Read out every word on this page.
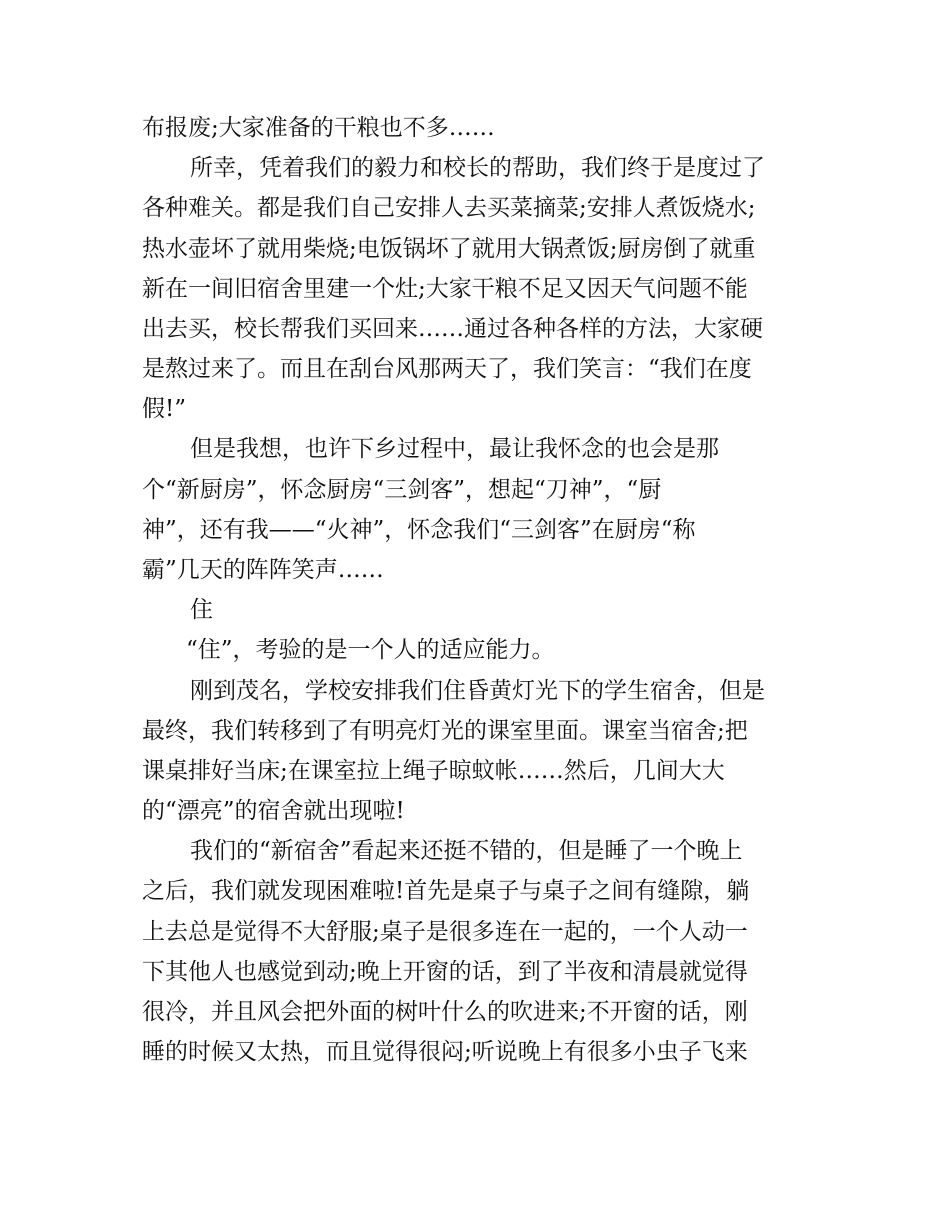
布报废;大家准备的干粮也不多……
所幸，凭着我们的毅力和校长的帮助，我们终于是度过了
各种难关。都是我们自己安排人去买菜摘菜;安排人煮饭烧水;
热水壶坏了就用柴烧;电饭锅坏了就用大锅煮饭;厨房倒了就重
新在一间旧宿舍里建一个灶;大家干粮不足又因天气问题不能
出去买，校长帮我们买回来……通过各种各样的方法，大家硬
是熬过来了。而且在刮台风那两天了，我们笑言：“我们在度
假!”
但是我想，也许下乡过程中，最让我怀念的也会是那
个“新厨房”，怀念厨房“三剑客”，想起“刀神”，“厨
神”，还有我——“火神”，怀念我们“三剑客”在厨房“称
霸”几天的阵阵笑声……
住
“住”，考验的是一个人的适应能力。
刚到茂名，学校安排我们住昏黄灯光下的学生宿舍，但是
最终，我们转移到了有明亮灯光的课室里面。课室当宿舍;把
课桌排好当床;在课室拉上绳子晾蚊帐……然后，几间大大
的“漂亮”的宿舍就出现啦!
我们的“新宿舍”看起来还挺不错的，但是睡了一个晚上
之后，我们就发现困难啦!首先是桌子与桌子之间有缝隙，躺
上去总是觉得不大舒服;桌子是很多连在一起的，一个人动一
下其他人也感觉到动;晚上开窗的话，到了半夜和清晨就觉得
很冷，并且风会把外面的树叶什么的吹进来;不开窗的话，刚
睡的时候又太热，而且觉得很闷;听说晚上有很多小虫子飞来
